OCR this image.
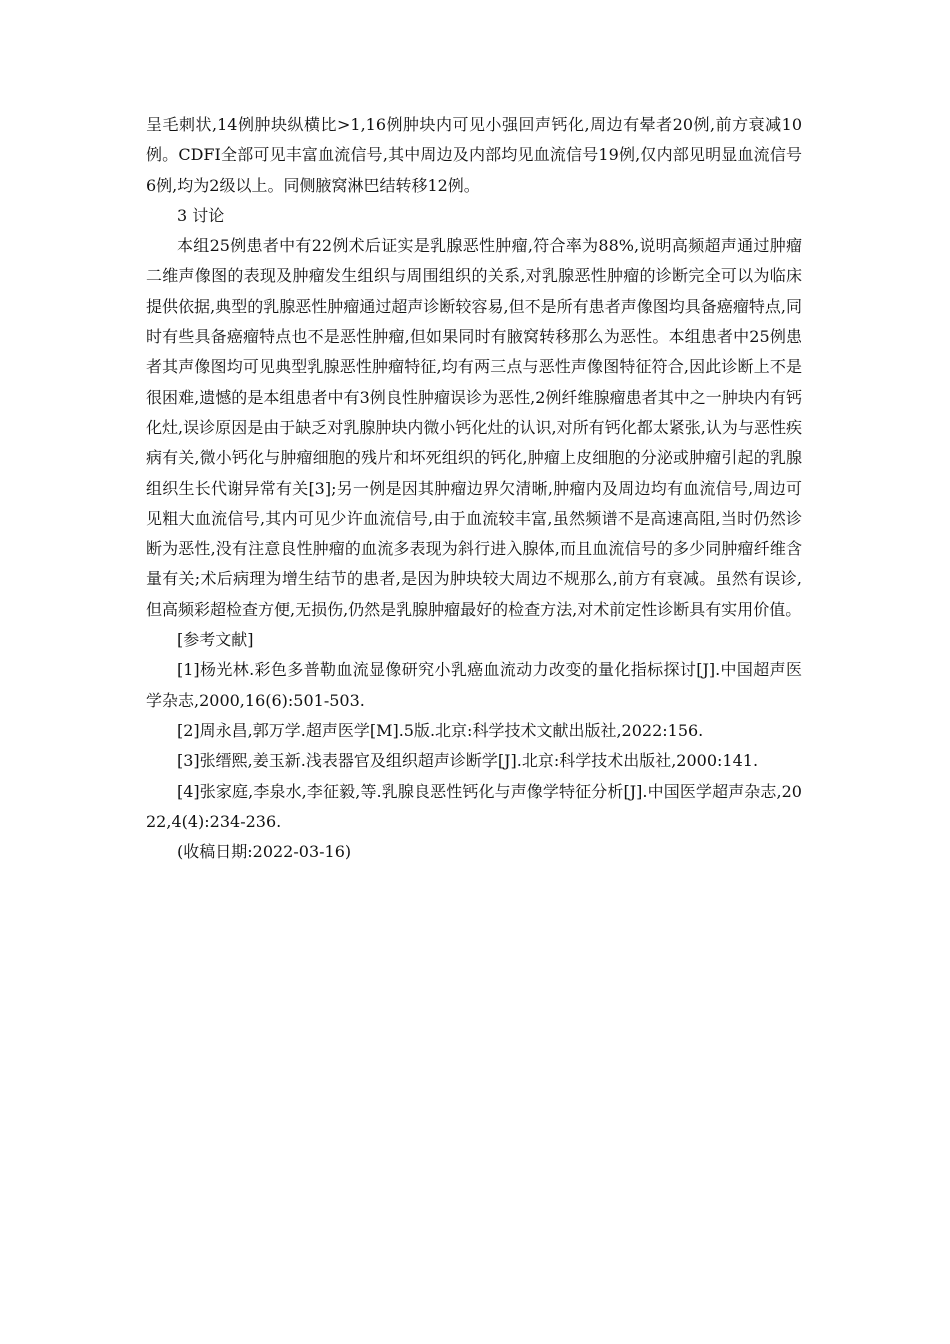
呈毛刺状,14例肿块纵横比>1,16例肿块内可见小强回声钙化,周边有晕者20例,前方衰减10例。CDFI全部可见丰富血流信号,其中周边及内部均见血流信号19例,仅内部见明显血流信号6例,均为2级以上。同侧腋窝淋巴结转移12例。

3 讨论

本组25例患者中有22例术后证实是乳腺恶性肿瘤,符合率为88%,说明高频超声通过肿瘤二维声像图的表现及肿瘤发生组织与周围组织的关系,对乳腺恶性肿瘤的诊断完全可以为临床提供依据,典型的乳腺恶性肿瘤通过超声诊断较容易,但不是所有患者声像图均具备癌瘤特点,同时有些具备癌瘤特点也不是恶性肿瘤,但如果同时有腋窝转移那么为恶性。本组患者中25例患者其声像图均可见典型乳腺恶性肿瘤特征,均有两三点与恶性声像图特征符合,因此诊断上不是很困难,遗憾的是本组患者中有3例良性肿瘤误诊为恶性,2例纤维腺瘤患者其中之一肿块内有钙化灶,误诊原因是由于缺乏对乳腺肿块内微小钙化灶的认识,对所有钙化都太紧张,认为与恶性疾病有关,微小钙化与肿瘤细胞的残片和坏死组织的钙化,肿瘤上皮细胞的分泌或肿瘤引起的乳腺组织生长代谢异常有关[3];另一例是因其肿瘤边界欠清晰,肿瘤内及周边均有血流信号,周边可见粗大血流信号,其内可见少许血流信号,由于血流较丰富,虽然频谱不是高速高阻,当时仍然诊断为恶性,没有注意良性肿瘤的血流多表现为斜行进入腺体,而且血流信号的多少同肿瘤纤维含量有关;术后病理为增生结节的患者,是因为肿块较大周边不规那么,前方有衰减。虽然有误诊,但高频彩超检查方便,无损伤,仍然是乳腺肿瘤最好的检查方法,对术前定性诊断具有实用价值。

[参考文献]

[1]杨光林.彩色多普勒血流显像研究小乳癌血流动力改变的量化指标探讨[J].中国超声医学杂志,2000,16(6):501-503.

[2]周永昌,郭万学.超声医学[M].5版.北京:科学技术文献出版社,2022:156.

[3]张缙熙,姜玉新.浅表器官及组织超声诊断学[J].北京:科学技术出版社,2000:141.

[4]张家庭,李泉水,李征毅,等.乳腺良恶性钙化与声像学特征分析[J].中国医学超声杂志,2022,4(4):234-236.

(收稿日期:2022-03-16)
